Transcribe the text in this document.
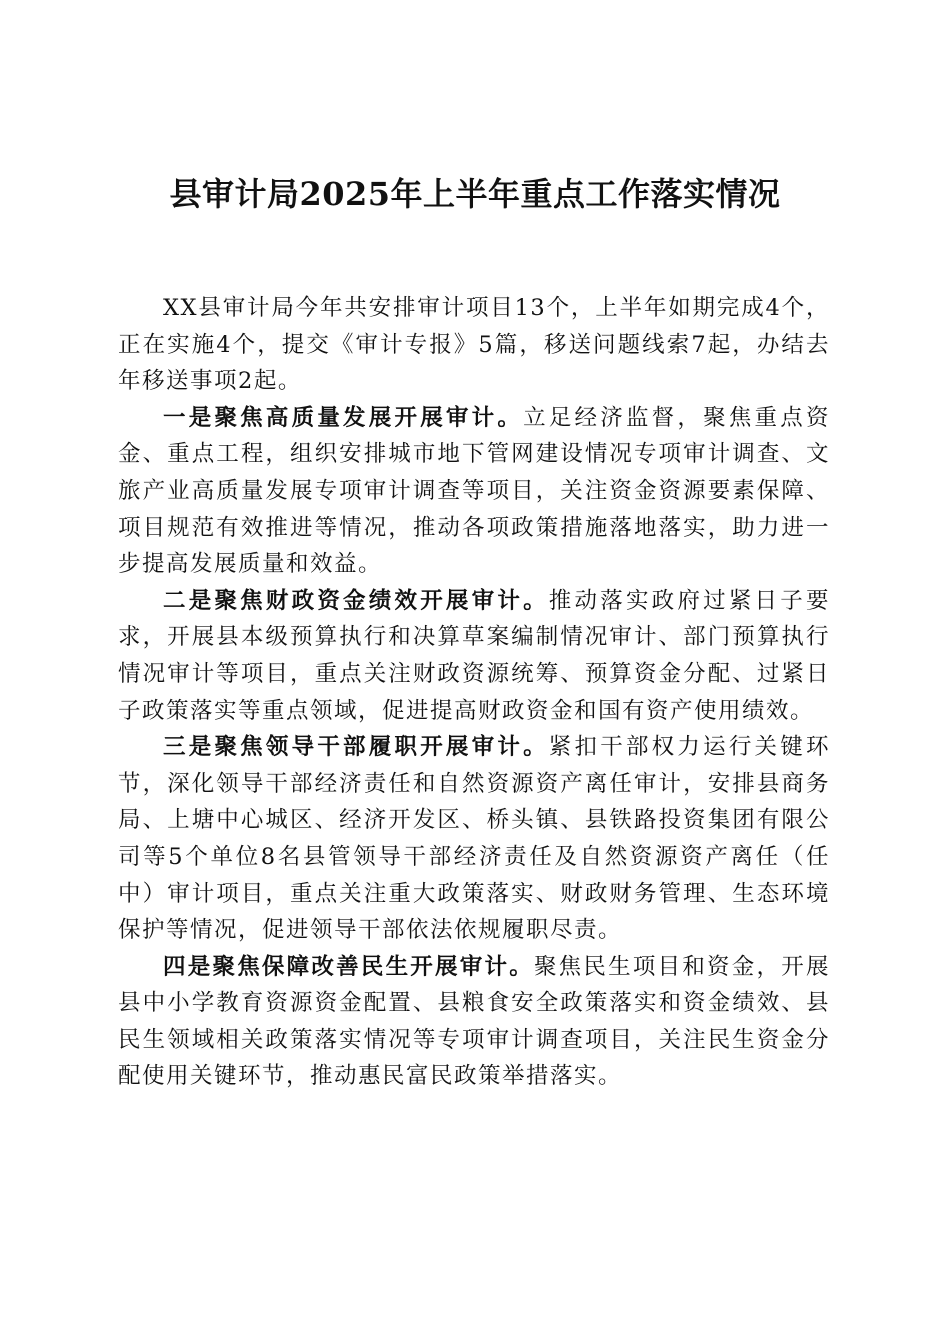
县审计局2025年上半年重点工作落实情况

XX县审计局今年共安排审计项目13个，上半年如期完成4个，正在实施4个，提交《审计专报》5篇，移送问题线索7起，办结去年移送事项2起。

一是聚焦高质量发展开展审计。立足经济监督，聚焦重点资金、重点工程，组织安排城市地下管网建设情况专项审计调查、文旅产业高质量发展专项审计调查等项目，关注资金资源要素保障、项目规范有效推进等情况，推动各项政策措施落地落实，助力进一步提高发展质量和效益。

二是聚焦财政资金绩效开展审计。推动落实政府过紧日子要求，开展县本级预算执行和决算草案编制情况审计、部门预算执行情况审计等项目，重点关注财政资源统筹、预算资金分配、过紧日子政策落实等重点领域，促进提高财政资金和国有资产使用绩效。

三是聚焦领导干部履职开展审计。紧扣干部权力运行关键环节，深化领导干部经济责任和自然资源资产离任审计，安排县商务局、上塘中心城区、经济开发区、桥头镇、县铁路投资集团有限公司等5个单位8名县管领导干部经济责任及自然资源资产离任（任中）审计项目，重点关注重大政策落实、财政财务管理、生态环境保护等情况，促进领导干部依法依规履职尽责。

四是聚焦保障改善民生开展审计。聚焦民生项目和资金，开展县中小学教育资源资金配置、县粮食安全政策落实和资金绩效、县民生领域相关政策落实情况等专项审计调查项目，关注民生资金分配使用关键环节，推动惠民富民政策举措落实。
